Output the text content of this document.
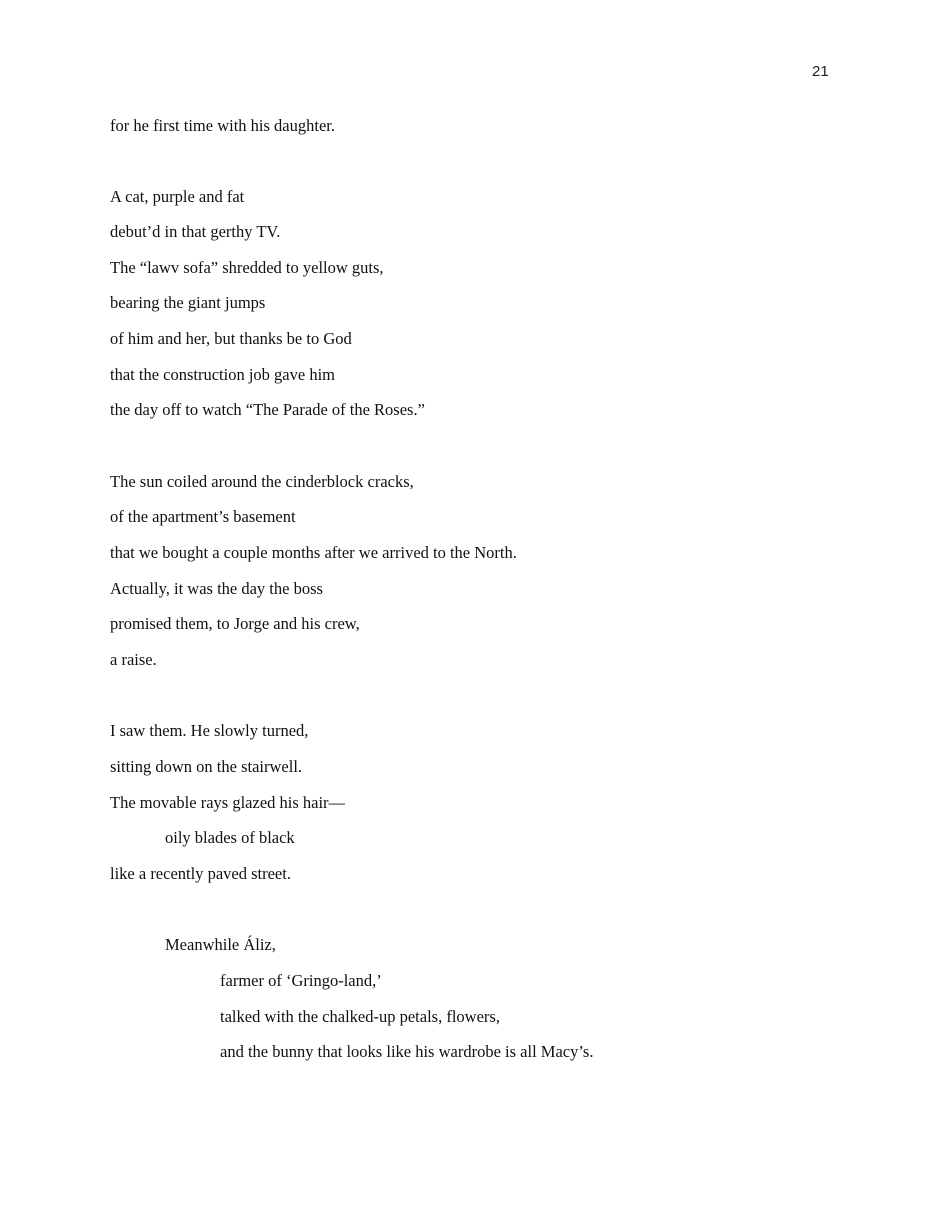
21
for he first time with his daughter.
A cat, purple and fat
debut’d in that gerthy TV.
The “lawv sofa” shredded to yellow guts,
bearing the giant jumps
of him and her, but thanks be to God
that the construction job gave him
the day off to watch “The Parade of the Roses.”
The sun coiled around the cinderblock cracks,
of the apartment’s basement
that we bought a couple months after we arrived to the North.
Actually, it was the day the boss
promised them, to Jorge and his crew,
a raise.
I saw them. He slowly turned,
sitting down on the stairwell.
The movable rays glazed his hair—
oily blades of black
like a recently paved street.
Meanwhile Áliz,
farmer of ‘Gringo-land,’
talked with the chalked-up petals, flowers,
and the bunny that looks like his wardrobe is all Macy’s.
